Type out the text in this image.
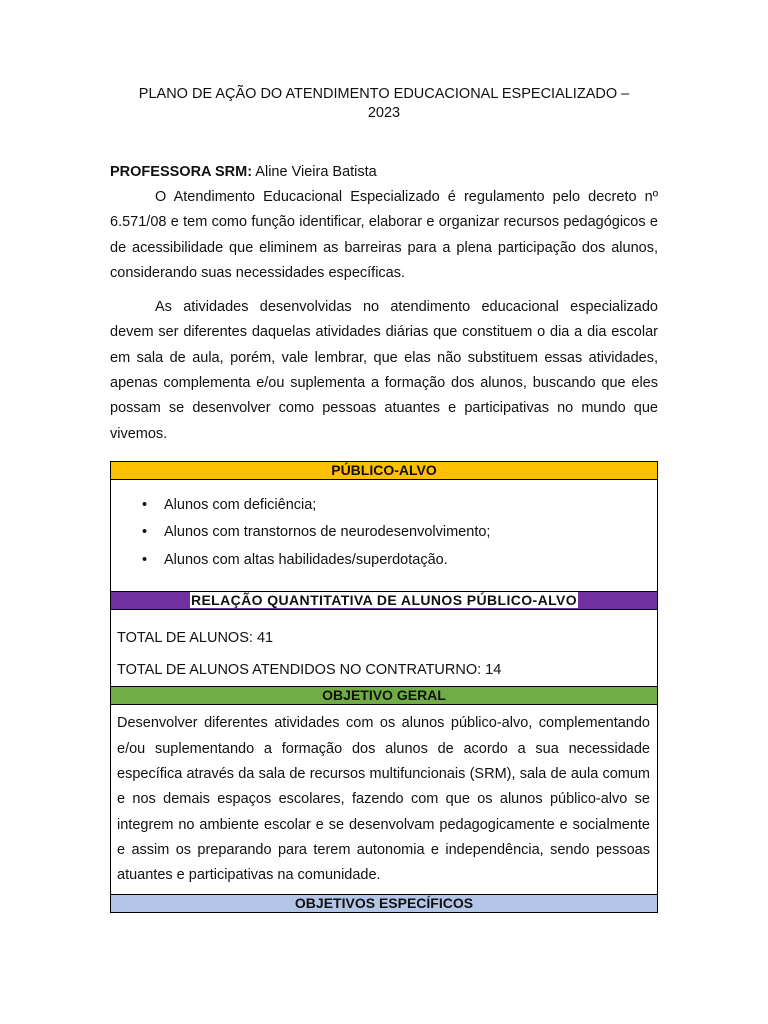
PLANO DE AÇÃO DO ATENDIMENTO EDUCACIONAL ESPECIALIZADO –
2023
PROFESSORA SRM: Aline Vieira Batista

O Atendimento Educacional Especializado é regulamento pelo decreto nº 6.571/08 e tem como função identificar, elaborar e organizar recursos pedagógicos e de acessibilidade que eliminem as barreiras para a plena participação dos alunos, considerando suas necessidades específicas.

As atividades desenvolvidas no atendimento educacional especializado devem ser diferentes daquelas atividades diárias que constituem o dia a dia escolar em sala de aula, porém, vale lembrar, que elas não substituem essas atividades, apenas complementa e/ou suplementa a formação dos alunos, buscando que eles possam se desenvolver como pessoas atuantes e participativas no mundo que vivemos.

PÚBLICO-ALVO

• Alunos com deficiência;
• Alunos com transtornos de neurodesenvolvimento;
• Alunos com altas habilidades/superdotação.

RELAÇÃO QUANTITATIVA DE ALUNOS PÚBLICO-ALVO

TOTAL DE ALUNOS: 41
TOTAL DE ALUNOS ATENDIDOS NO CONTRATURNO: 14

OBJETIVO GERAL

Desenvolver diferentes atividades com os alunos público-alvo, complementando e/ou suplementando a formação dos alunos de acordo a sua necessidade específica através da sala de recursos multifuncionais (SRM), sala de aula comum e nos demais espaços escolares, fazendo com que os alunos público-alvo se integrem no ambiente escolar e se desenvolvam pedagogicamente e socialmente e assim os preparando para terem autonomia e independência, sendo pessoas atuantes e participativas na comunidade.

OBJETIVOS ESPECÍFICOS
